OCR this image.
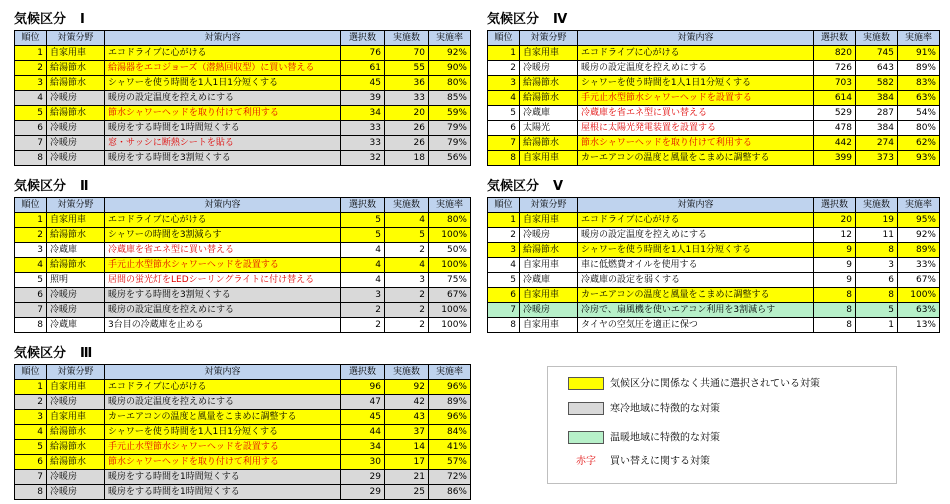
気候区分 Ⅰ
順位	対策分野	対策内容	選択数	実施数	実施率
1	自家用車	エコドライブに心がける	76	70	92%
2	給湯節水	給湯器をエコジョーズ（潜熱回収型）に買い替える	61	55	90%
3	給湯節水	シャワーを使う時間を1人1日1分短くする	45	36	80%
4	冷暖房	暖房の設定温度を控えめにする	39	33	85%
5	給湯節水	節水シャワーヘッドを取り付けて利用する	34	20	59%
6	冷暖房	暖房をする時間を1時間短くする	33	26	79%
7	冷暖房	窓・サッシに断熱シートを貼る	33	26	79%
8	冷暖房	暖房をする時間を3割短くする	32	18	56%
気候区分 Ⅱ
順位	対策分野	対策内容	選択数	実施数	実施率
1	自家用車	エコドライブに心がける	5	4	80%
2	給湯節水	シャワーの時間を3割減らす	5	5	100%
3	冷蔵庫	冷蔵庫を省エネ型に買い替える	4	2	50%
4	給湯節水	手元止水型節水シャワーヘッドを設置する	4	4	100%
5	照明	居間の蛍光灯をLEDシーリングライトに付け替える	4	3	75%
6	冷暖房	暖房をする時間を3割短くする	3	2	67%
7	冷暖房	暖房の設定温度を控えめにする	2	2	100%
8	冷蔵庫	3台目の冷蔵庫を止める	2	2	100%
気候区分 Ⅲ
順位	対策分野	対策内容	選択数	実施数	実施率
1	自家用車	エコドライブに心がける	96	92	96%
2	冷暖房	暖房の設定温度を控えめにする	47	42	89%
3	自家用車	カーエアコンの温度と風量をこまめに調整する	45	43	96%
4	給湯節水	シャワーを使う時間を1人1日1分短くする	44	37	84%
5	給湯節水	手元止水型節水シャワーヘッドを設置する	34	14	41%
6	給湯節水	節水シャワーヘッドを取り付けて利用する	30	17	57%
7	冷暖房	暖房をする時間を1時間短くする	29	21	72%
8	冷暖房	暖房をする時間を1時間短くする	29	25	86%
気候区分 Ⅳ
順位	対策分野	対策内容	選択数	実施数	実施率
1	自家用車	エコドライブに心がける	820	745	91%
2	冷暖房	暖房の設定温度を控えめにする	726	643	89%
3	給湯節水	シャワーを使う時間を1人1日1分短くする	703	582	83%
4	給湯節水	手元止水型節水シャワーヘッドを設置する	614	384	63%
5	冷蔵庫	冷蔵庫を省エネ型に買い替える	529	287	54%
6	太陽光	屋根に太陽光発電装置を設置する	478	384	80%
7	給湯節水	節水シャワーヘッドを取り付けて利用する	442	274	62%
8	自家用車	カーエアコンの温度と風量をこまめに調整する	399	373	93%
気候区分 Ⅴ
順位	対策分野	対策内容	選択数	実施数	実施率
1	自家用車	エコドライブに心がける	20	19	95%
2	冷暖房	暖房の設定温度を控えめにする	12	11	92%
3	給湯節水	シャワーを使う時間を1人1日1分短くする	9	8	89%
4	自家用車	車に低燃費オイルを使用する	9	3	33%
5	冷蔵庫	冷蔵庫の設定を弱くする	9	6	67%
6	自家用車	カーエアコンの温度と風量をこまめに調整する	8	8	100%
7	冷暖房	冷房で、扇風機を使いエアコン利用を3割減らす	8	5	63%
8	自家用車	タイヤの空気圧を適正に保つ	8	1	13%
気候区分に関係なく共通に選択されている対策
寒冷地域に特徴的な対策
温暖地域に特徴的な対策
赤字 買い替えに関する対策
